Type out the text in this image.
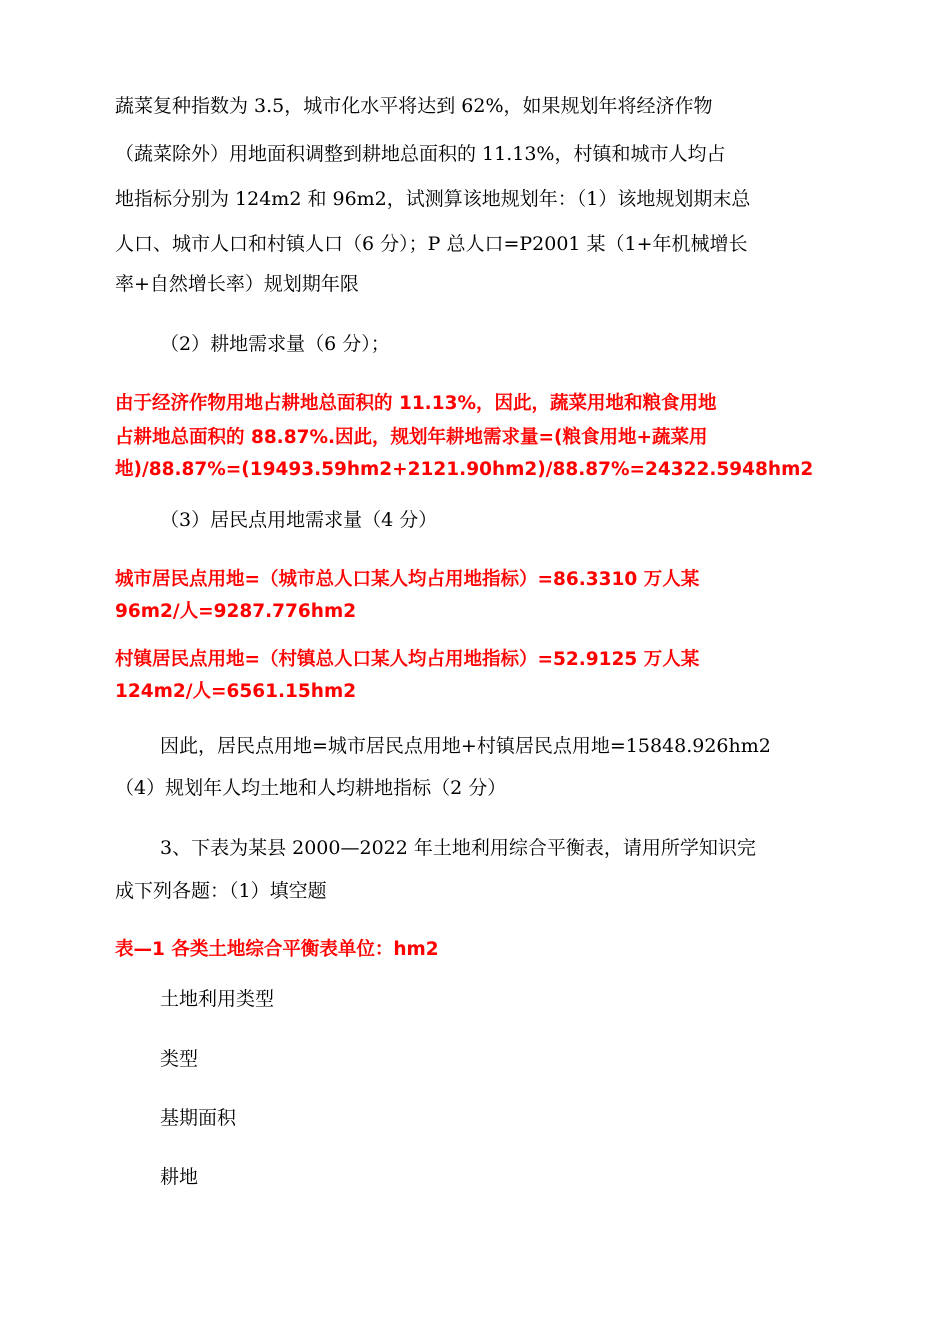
蔬菜复种指数为 3.5，城市化水平将达到 62%，如果规划年将经济作物
（蔬菜除外）用地面积调整到耕地总面积的 11.13%，村镇和城市人均占
地指标分别为 124m2 和 96m2，试测算该地规划年：（1）该地规划期末总
人口、城市人口和村镇人口（6 分）；P 总人口=P2001 某（1+年机械增长
率+自然增长率）规划期年限
（2）耕地需求量（6 分）；
由于经济作物用地占耕地总面积的 11.13%，因此，蔬菜用地和粮食用地
占耕地总面积的 88.87%.因此，规划年耕地需求量=(粮食用地+蔬菜用
地)/88.87%=(19493.59hm2+2121.90hm2)/88.87%=24322.5948hm2
（3）居民点用地需求量（4 分）
城市居民点用地=（城市总人口某人均占用地指标）=86.3310 万人某
96m2/人=9287.776hm2
村镇居民点用地=（村镇总人口某人均占用地指标）=52.9125 万人某
124m2/人=6561.15hm2
因此，居民点用地=城市居民点用地+村镇居民点用地=15848.926hm2
（4）规划年人均土地和人均耕地指标（2 分）
3、下表为某县 2000—2022 年土地利用综合平衡表，请用所学知识完
成下列各题：（1）填空题
表—1 各类土地综合平衡表单位：hm2
土地利用类型
类型
基期面积
耕地
